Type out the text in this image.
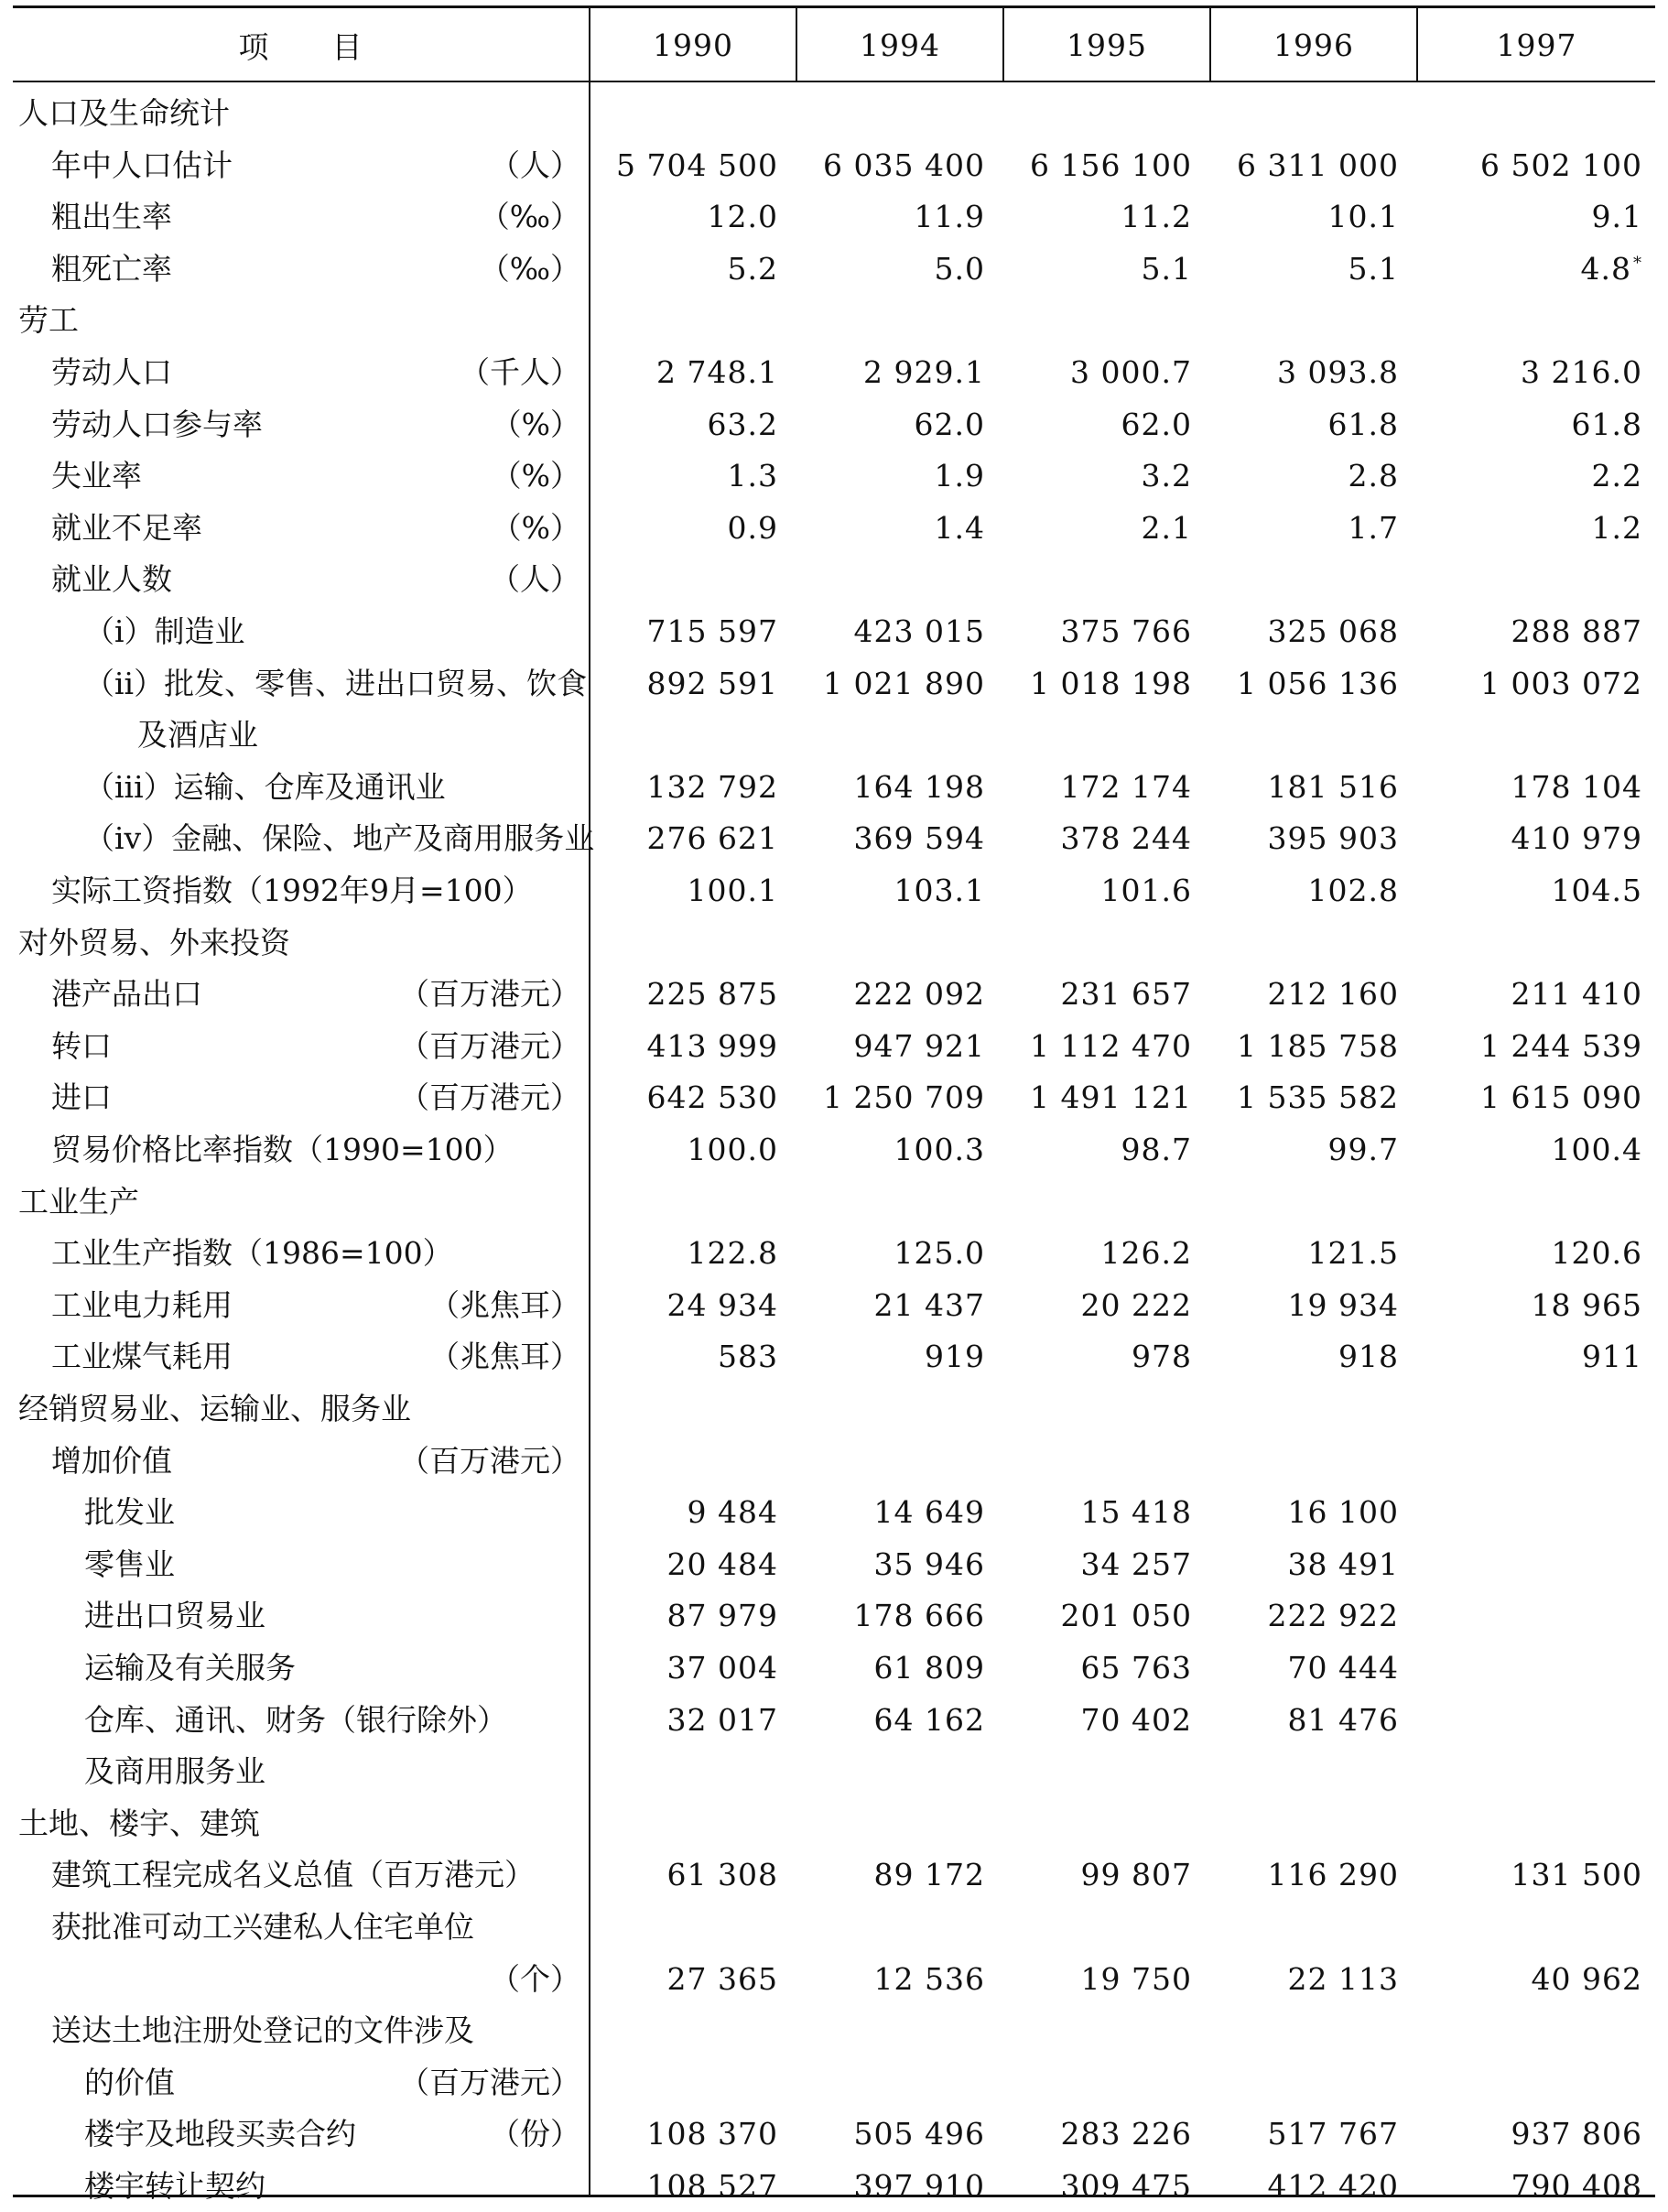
项　　目	1990	1994	1995	1996	1997
人口及生命统计
年中人口估计	（人）	5 704 500	6 035 400	6 156 100	6 311 000	6 502 100
粗出生率	（‰）	12.0	11.9	11.2	10.1	9.1
粗死亡率	（‰）	5.2	5.0	5.1	5.1	4.8 *
劳工
劳动人口	（千人）	2 748.1	2 929.1	3 000.7	3 093.8	3 216.0
劳动人口参与率	（%）	63.2	62.0	62.0	61.8	61.8
失业率	（%）	1.3	1.9	3.2	2.8	2.2
就业不足率	（%）	0.9	1.4	2.1	1.7	1.2
就业人数	（人）
（i）制造业	715 597	423 015	375 766	325 068	288 887
（ii）批发、零售、进出口贸易、饮食	892 591	1 021 890	1 018 198	1 056 136	1 003 072
及酒店业
（iii）运输、仓库及通讯业	132 792	164 198	172 174	181 516	178 104
（iv）金融、保险、地产及商用服务业	276 621	369 594	378 244	395 903	410 979
实际工资指数（1992年9月=100）	100.1	103.1	101.6	102.8	104.5
对外贸易、外来投资
港产品出口	（百万港元）	225 875	222 092	231 657	212 160	211 410
转口	（百万港元）	413 999	947 921	1 112 470	1 185 758	1 244 539
进口	（百万港元）	642 530	1 250 709	1 491 121	1 535 582	1 615 090
贸易价格比率指数（1990=100）	100.0	100.3	98.7	99.7	100.4
工业生产
工业生产指数（1986=100）	122.8	125.0	126.2	121.5	120.6
工业电力耗用	（兆焦耳）	24 934	21 437	20 222	19 934	18 965
工业煤气耗用	（兆焦耳）	583	919	978	918	911
经销贸易业、运输业、服务业
增加价值	（百万港元）
批发业	9 484	14 649	15 418	16 100
零售业	20 484	35 946	34 257	38 491
进出口贸易业	87 979	178 666	201 050	222 922
运输及有关服务	37 004	61 809	65 763	70 444
仓库、通讯、财务（银行除外）	32 017	64 162	70 402	81 476
及商用服务业
土地、楼宇、建筑
建筑工程完成名义总值（百万港元）	61 308	89 172	99 807	116 290	131 500
获批准可动工兴建私人住宅单位
（个）	27 365	12 536	19 750	22 113	40 962
送达土地注册处登记的文件涉及
的价值	（百万港元）
楼宇及地段买卖合约	（份）	108 370	505 496	283 226	517 767	937 806
楼宇转让契约	108 527	397 910	309 475	412 420	790 408
